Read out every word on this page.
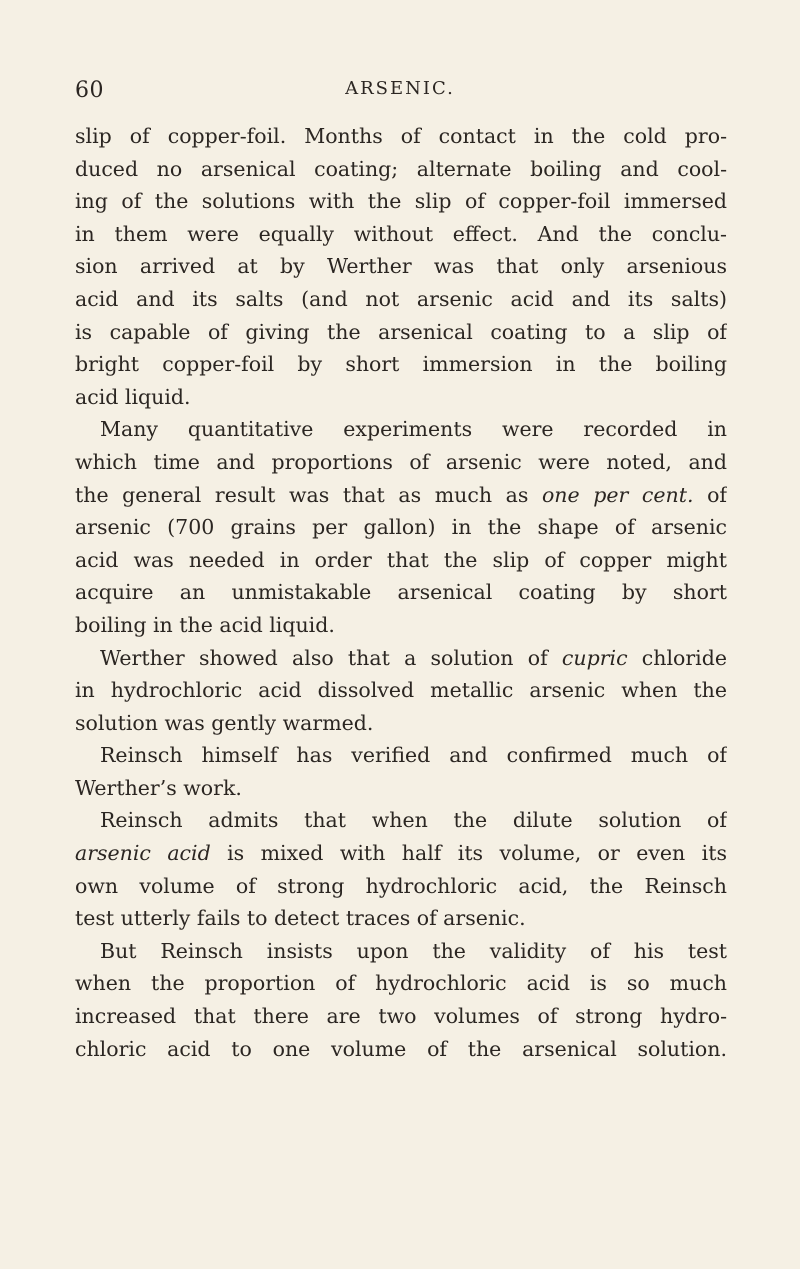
60	ARSENIC.
slip of copper-foil. Months of contact in the cold pro-
duced no arsenical coating; alternate boiling and cool-
ing of the solutions with the slip of copper-foil immersed
in them were equally without effect. And the conclu-
sion arrived at by Werther was that only arsenious
acid and its salts (and not arsenic acid and its salts)
is capable of giving the arsenical coating to a slip of
bright copper-foil by short immersion in the boiling
acid liquid.
Many quantitative experiments were recorded in
which time and proportions of arsenic were noted, and
the general result was that as much as one per cent. of
arsenic (700 grains per gallon) in the shape of arsenic
acid was needed in order that the slip of copper might
acquire an unmistakable arsenical coating by short
boiling in the acid liquid.
Werther showed also that a solution of cupric chloride
in hydrochloric acid dissolved metallic arsenic when the
solution was gently warmed.
Reinsch himself has verified and confirmed much of
Werther’s work.
Reinsch admits that when the dilute solution of
arsenic acid is mixed with half its volume, or even its
own volume of strong hydrochloric acid, the Reinsch
test utterly fails to detect traces of arsenic.
But Reinsch insists upon the validity of his test
when the proportion of hydrochloric acid is so much
increased that there are two volumes of strong hydro-
chloric acid to one volume of the arsenical solution.
